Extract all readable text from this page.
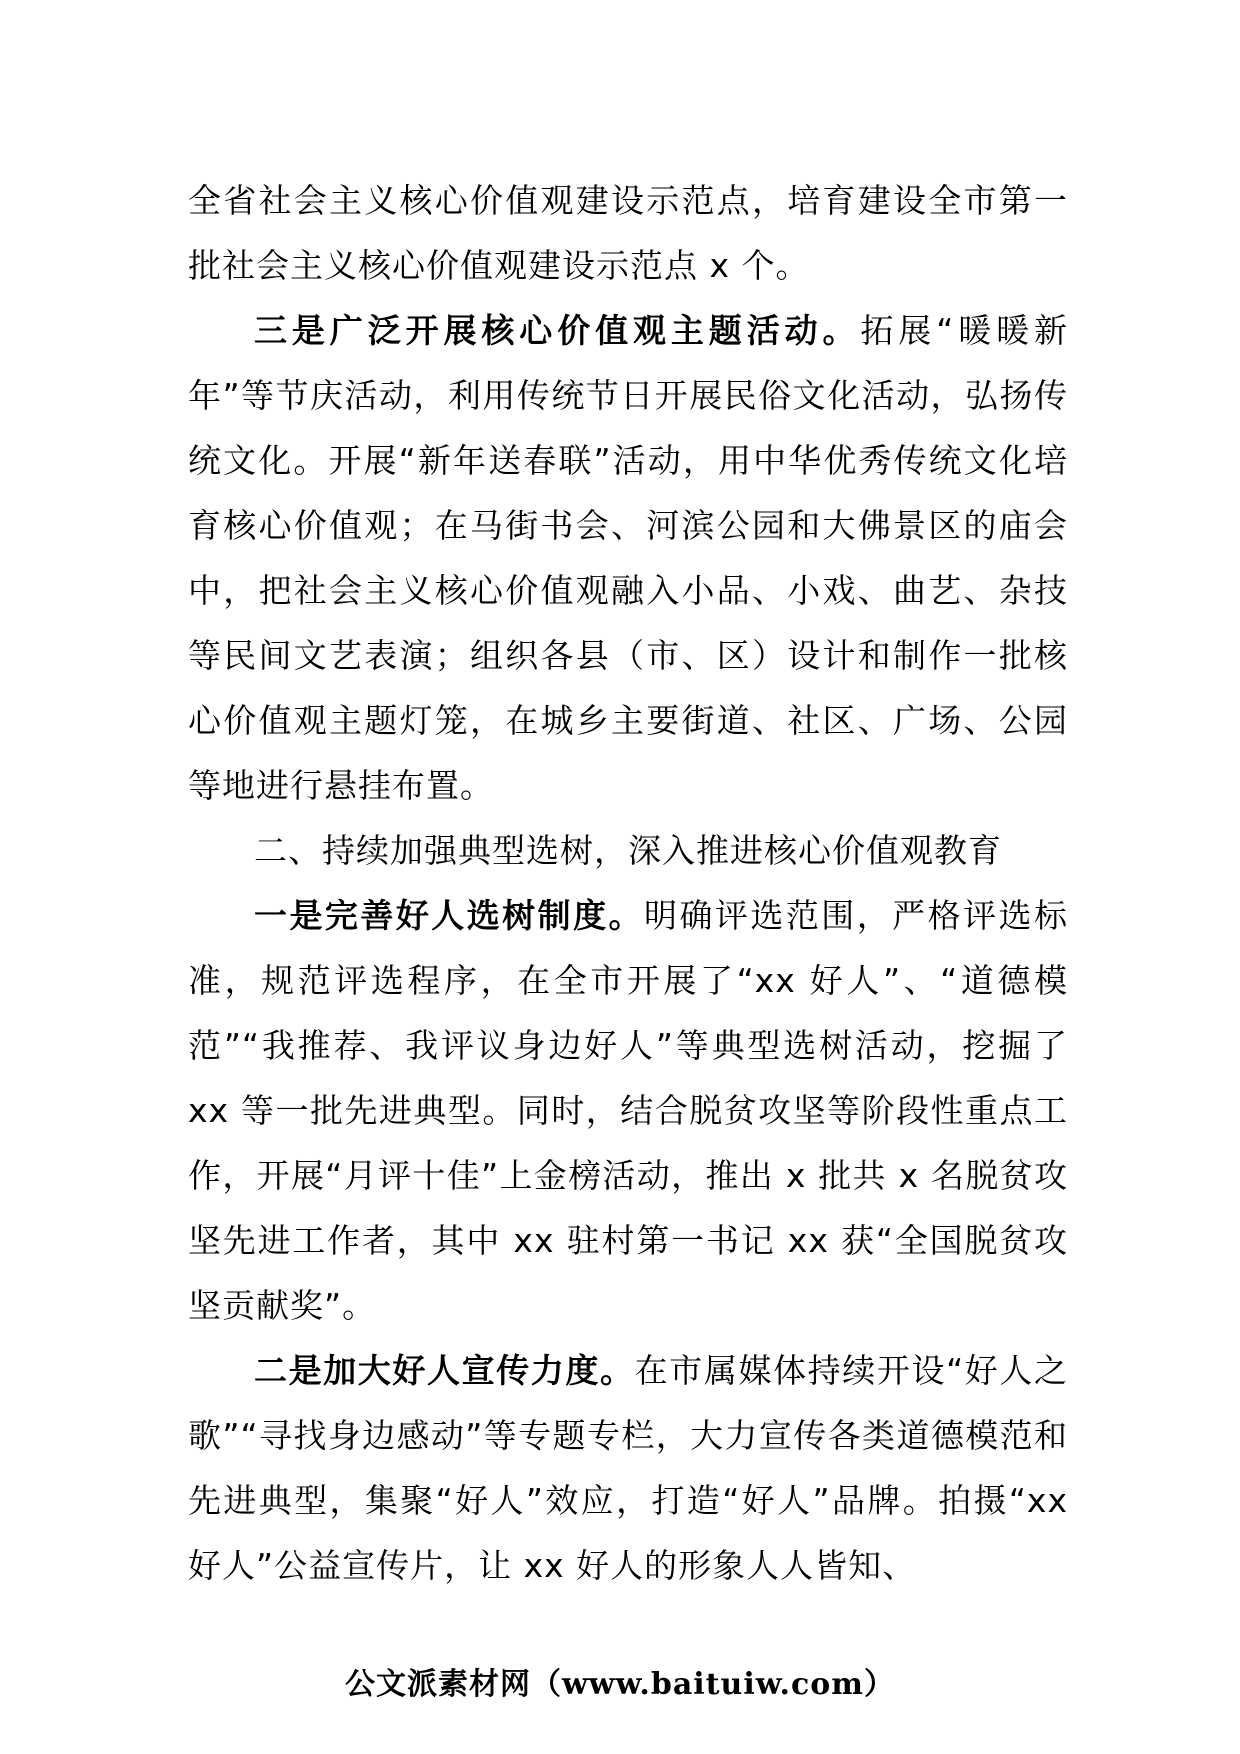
全省社会主义核心价值观建设示范点，培育建设全市第一批社会主义核心价值观建设示范点 x 个。

三是广泛开展核心价值观主题活动。拓展“暖暖新年”等节庆活动，利用传统节日开展民俗文化活动，弘扬传统文化。开展“新年送春联”活动，用中华优秀传统文化培育核心价值观；在马街书会、河滨公园和大佛景区的庙会中，把社会主义核心价值观融入小品、小戏、曲艺、杂技等民间文艺表演；组织各县（市、区）设计和制作一批核心价值观主题灯笼，在城乡主要街道、社区、广场、公园等地进行悬挂布置。

二、持续加强典型选树，深入推进核心价值观教育

一是完善好人选树制度。明确评选范围，严格评选标准，规范评选程序，在全市开展了“xx 好人”、“道德模范”“我推荐、我评议身边好人”等典型选树活动，挖掘了 xx 等一批先进典型。同时，结合脱贫攻坚等阶段性重点工作，开展“月评十佳”上金榜活动，推出 x 批共 x 名脱贫攻坚先进工作者，其中 xx 驻村第一书记 xx 获“全国脱贫攻坚贡献奖”。

二是加大好人宣传力度。在市属媒体持续开设“好人之歌”“寻找身边感动”等专题专栏，大力宣传各类道德模范和先进典型，集聚“好人”效应，打造“好人”品牌。拍摄“xx 好人”公益宣传片，让 xx 好人的形象人人皆知、

公文派素材网（www.baituiw.com）
